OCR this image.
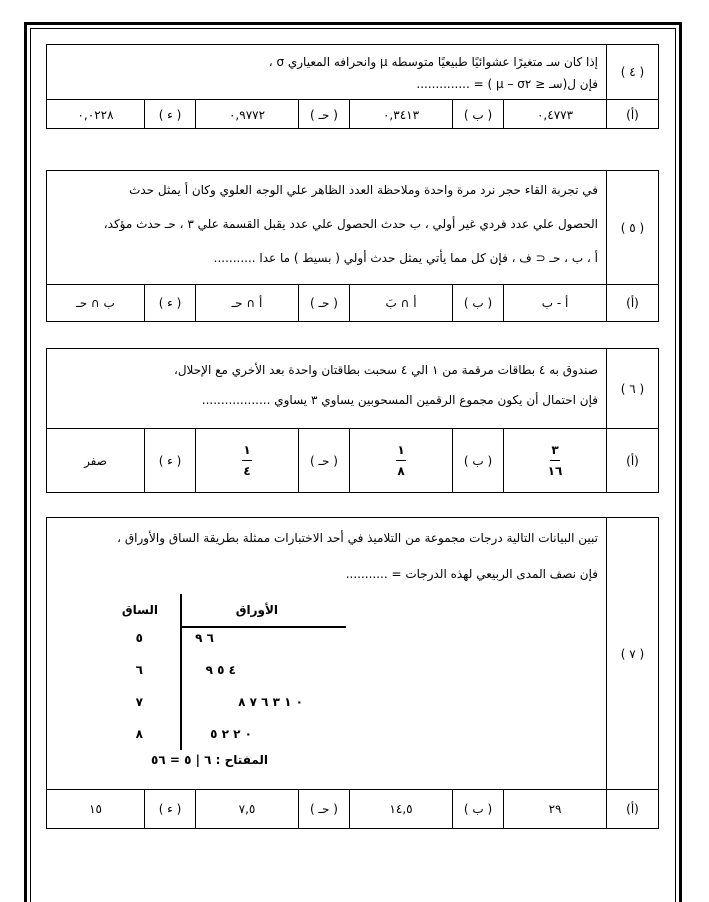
( ٤ )
إذا كان سـ متغيرًا عشوائيًا طبيعيًا متوسطه μ وانحرافه المعياري σ ،
فإن ل(سـ ≤ μ – σ٢ ) = ..............
(أ)
٠,٤٧٧٣
( ب )
٠,٣٤١٣
( حـ )
٠,٩٧٧٢
( ء )
٠,٠٢٢٨
( ٥ )
في تجربة القاء حجر نرد مرة واحدة وملاحظة العدد الظاهر علي الوجه العلوي وكان أ يمثل حدث
الحصول علي عدد فردي غير أولي ، ب حدث الحصول علي عدد يقبل القسمة علي ٣ ، حـ حدث مؤكد،
أ ، ب ، حـ ⊂ ف ، فإن كل مما يأتي يمثل حدث أولي ( بسيط ) ما عدا ...........
(أ)
أ - ب
( ب )
أ ∩ بَ
( حـ )
أ ∩ حـ
( ء )
ب ∩ حـ
( ٦ )
صندوق به ٤ بطاقات مرقمة من ١ الي ٤ سحبت بطاقتان واحدة بعد الأخري مع الإحلال،
فإن احتمال أن يكون مجموع الرقمين المسحوبين يساوي ٣ يساوي ..................
(أ)
$\frac{٣}{١٦}$
( ب )
$\frac{١}{٨}$
( حـ )
$\frac{١}{٤}$
( ء )
صفر
( ٧ )
تبين البيانات التالية درجات مجموعة من التلاميذ في أحد الاختبارات ممثلة بطريقة الساق والأوراق ،
فإن نصف المدى الربيعي لهذه الدرجات = ...........
الساق	الأوراق
٥	٦ ٩
٦	٤ ٥ ٩
٧	٠ ١ ٣ ٦ ٧ ٨
٨	٠ ٢ ٢ ٥
المفتاح : ٦ | ٥ = ٥٦
(أ)
٢٩
( ب )
١٤,٥
( حـ )
٧,٥
( ء )
١٥
